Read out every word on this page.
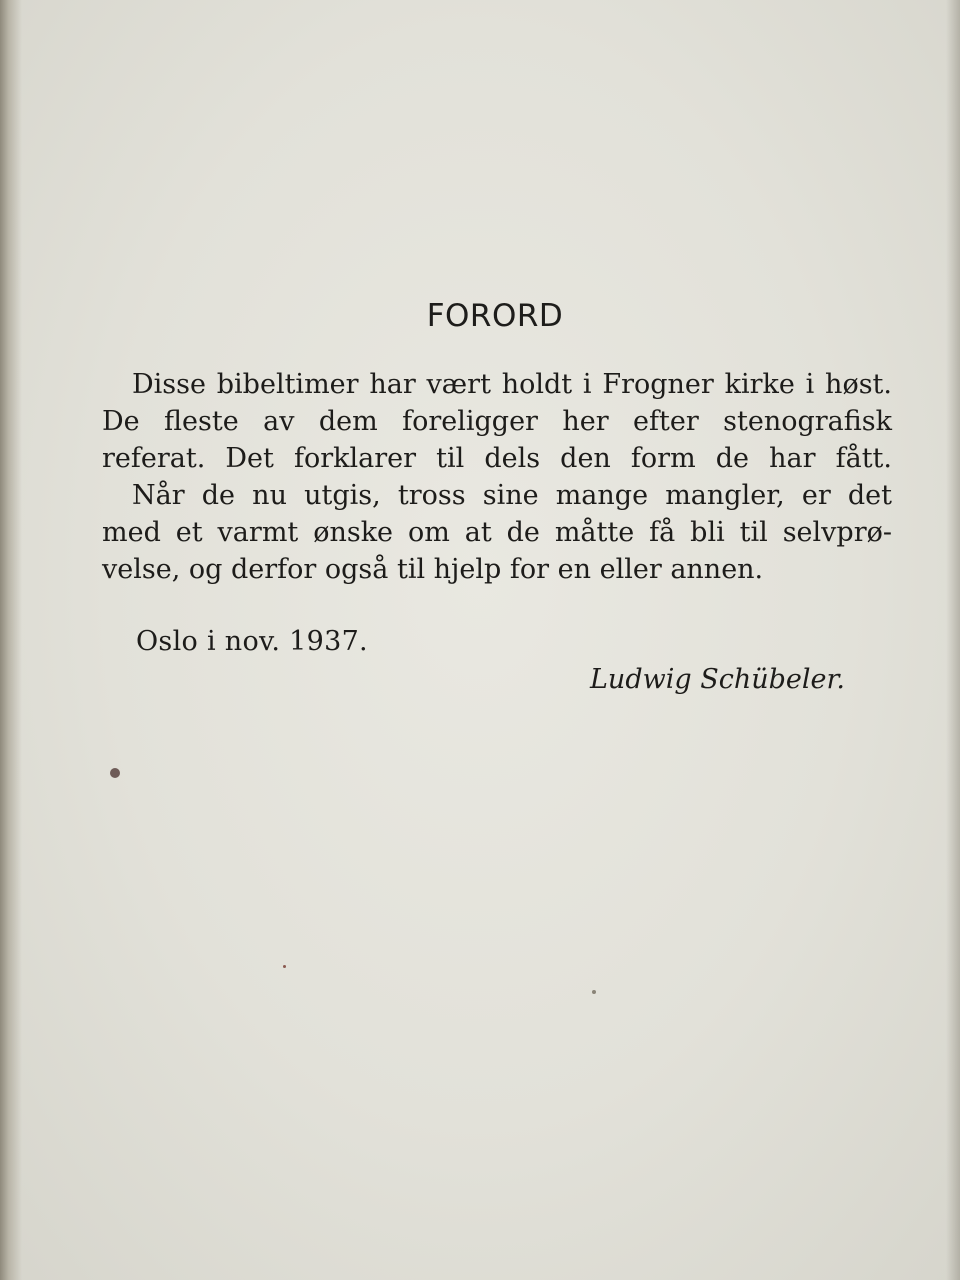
FORORD
Disse bibeltimer har vært holdt i Frogner kirke i høst.
De fleste av dem foreligger her efter stenografisk
referat. Det forklarer til dels den form de har fått.
Når de nu utgis, tross sine mange mangler, er det
med et varmt ønske om at de måtte få bli til selvprø-
velse, og derfor også til hjelp for en eller annen.
Oslo i nov. 1937.
Ludwig Schübeler.
